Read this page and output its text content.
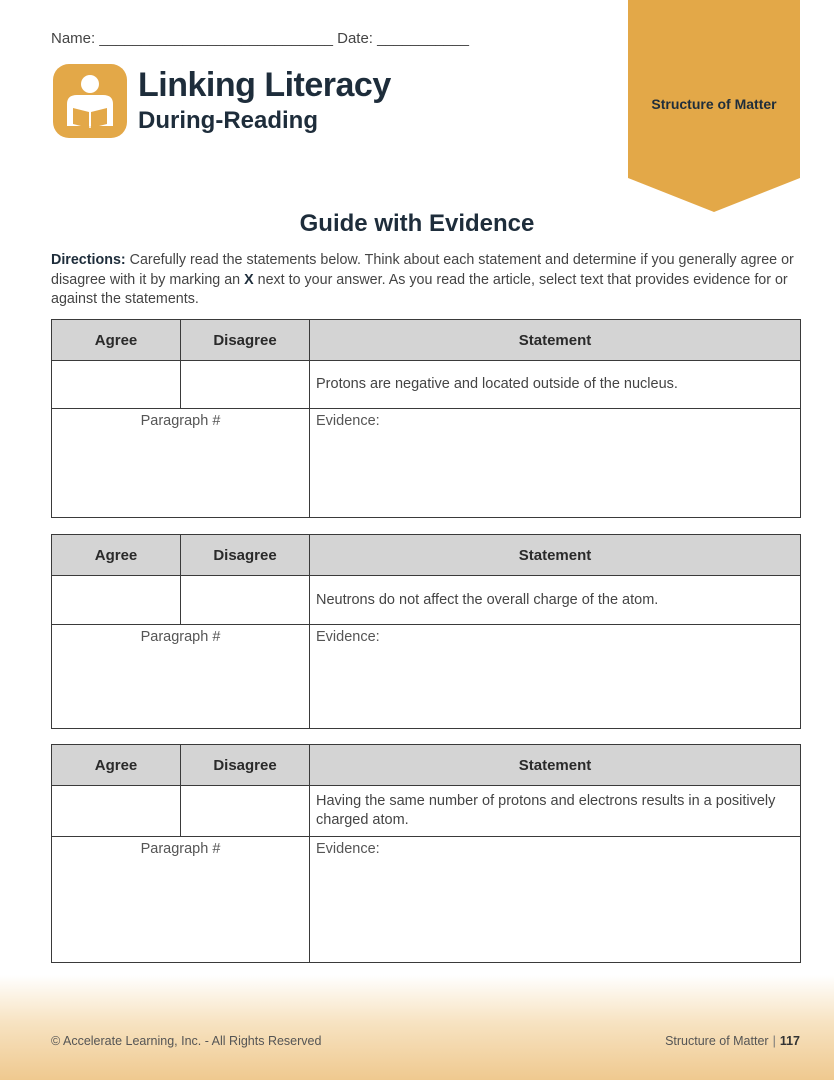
Name: ____________________________ Date: ___________
Linking Literacy
During-Reading
Structure of Matter
Guide with Evidence
Directions: Carefully read the statements below. Think about each statement and determine if you generally agree or disagree with it by marking an X next to your answer. As you read the article, select text that provides evidence for or against the statements.
Agree	Disagree	Statement
		Protons are negative and located outside of the nucleus.
Paragraph #		Evidence:
Agree	Disagree	Statement
		Neutrons do not affect the overall charge of the atom.
Paragraph #		Evidence:
Agree	Disagree	Statement
		Having the same number of protons and electrons results in a positively charged atom.
Paragraph #		Evidence:
© Accelerate Learning, Inc. - All Rights Reserved	Structure of Matter | 117
